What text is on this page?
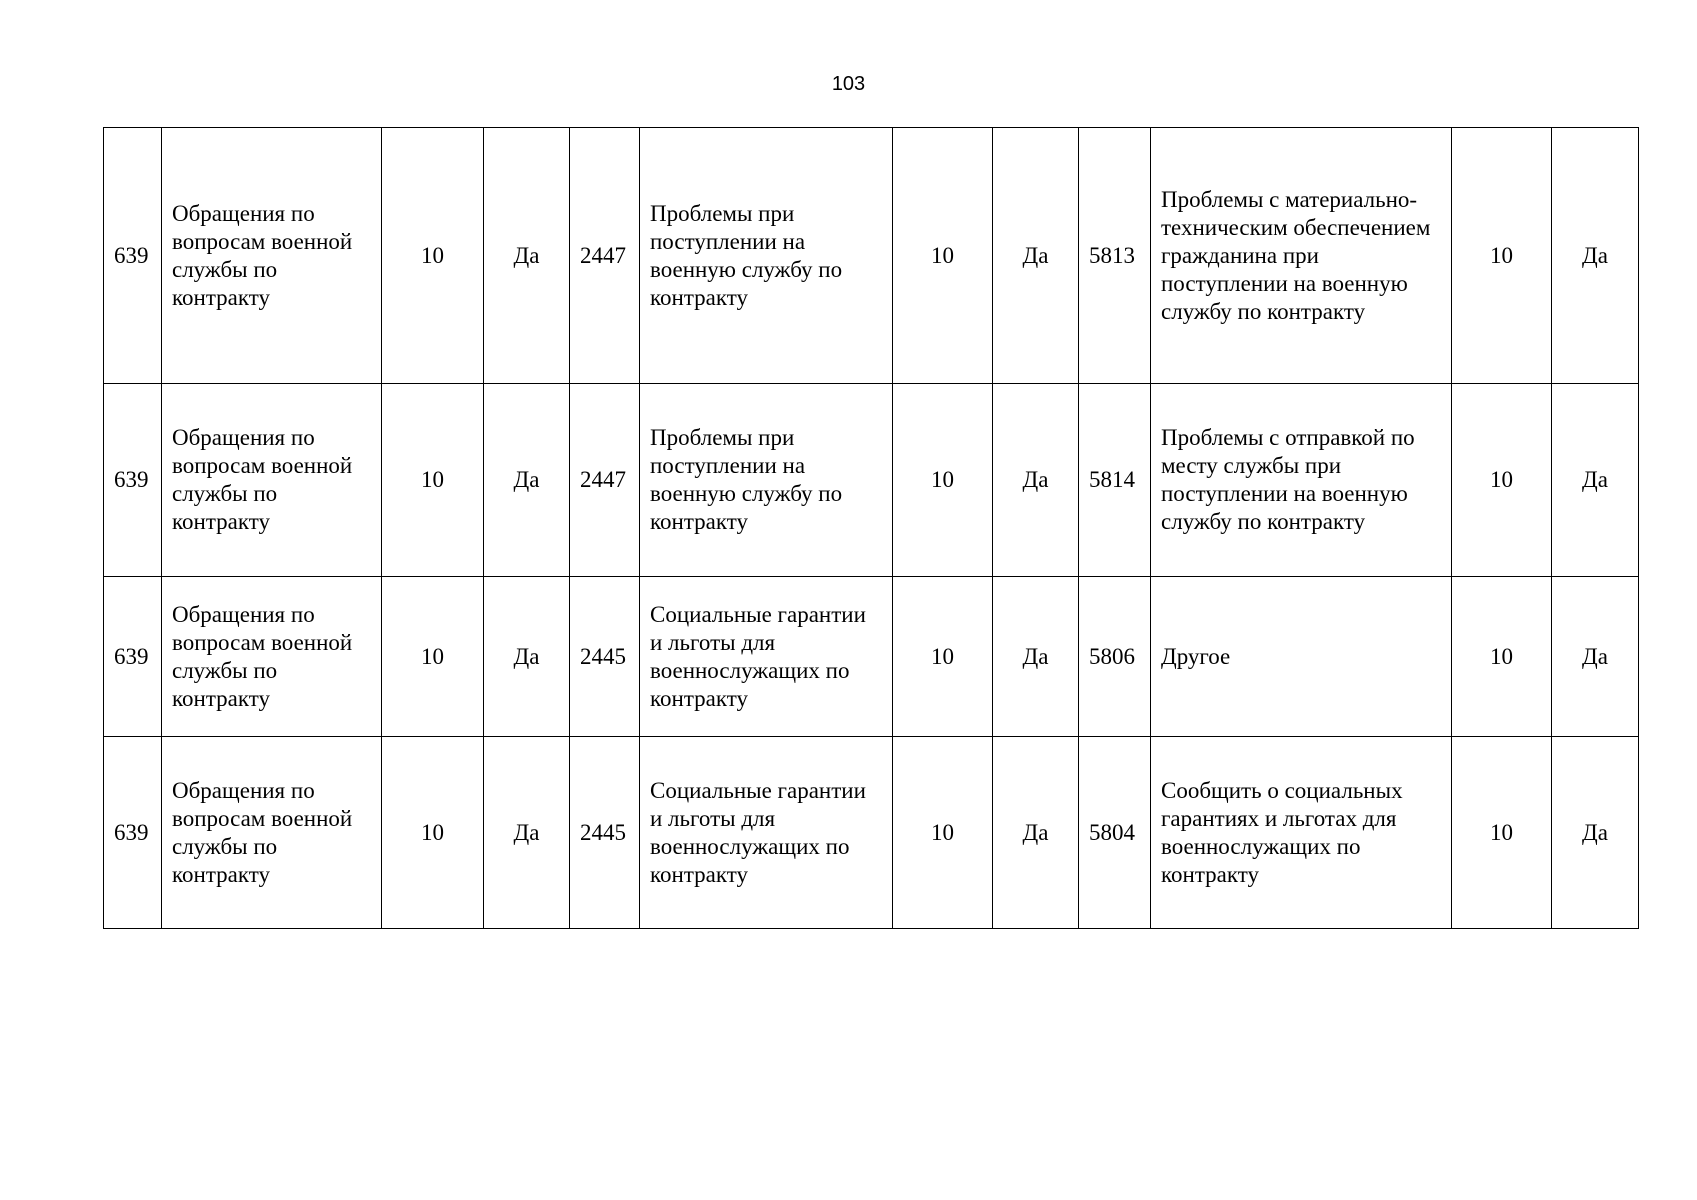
103
639	Обращения по вопросам военной службы по контракту	10	Да	2447	Проблемы при поступлении на военную службу по контракту	10	Да	5813	Проблемы с материально-техническим обеспечением гражданина при поступлении на военную службу по контракту	10	Да
639	Обращения по вопросам военной службы по контракту	10	Да	2447	Проблемы при поступлении на военную службу по контракту	10	Да	5814	Проблемы с отправкой по месту службы при поступлении на военную службу по контракту	10	Да
639	Обращения по вопросам военной службы по контракту	10	Да	2445	Социальные гарантии и льготы для военнослужащих по контракту	10	Да	5806	Другое	10	Да
639	Обращения по вопросам военной службы по контракту	10	Да	2445	Социальные гарантии и льготы для военнослужащих по контракту	10	Да	5804	Сообщить о социальных гарантиях и льготах для военнослужащих по контракту	10	Да
